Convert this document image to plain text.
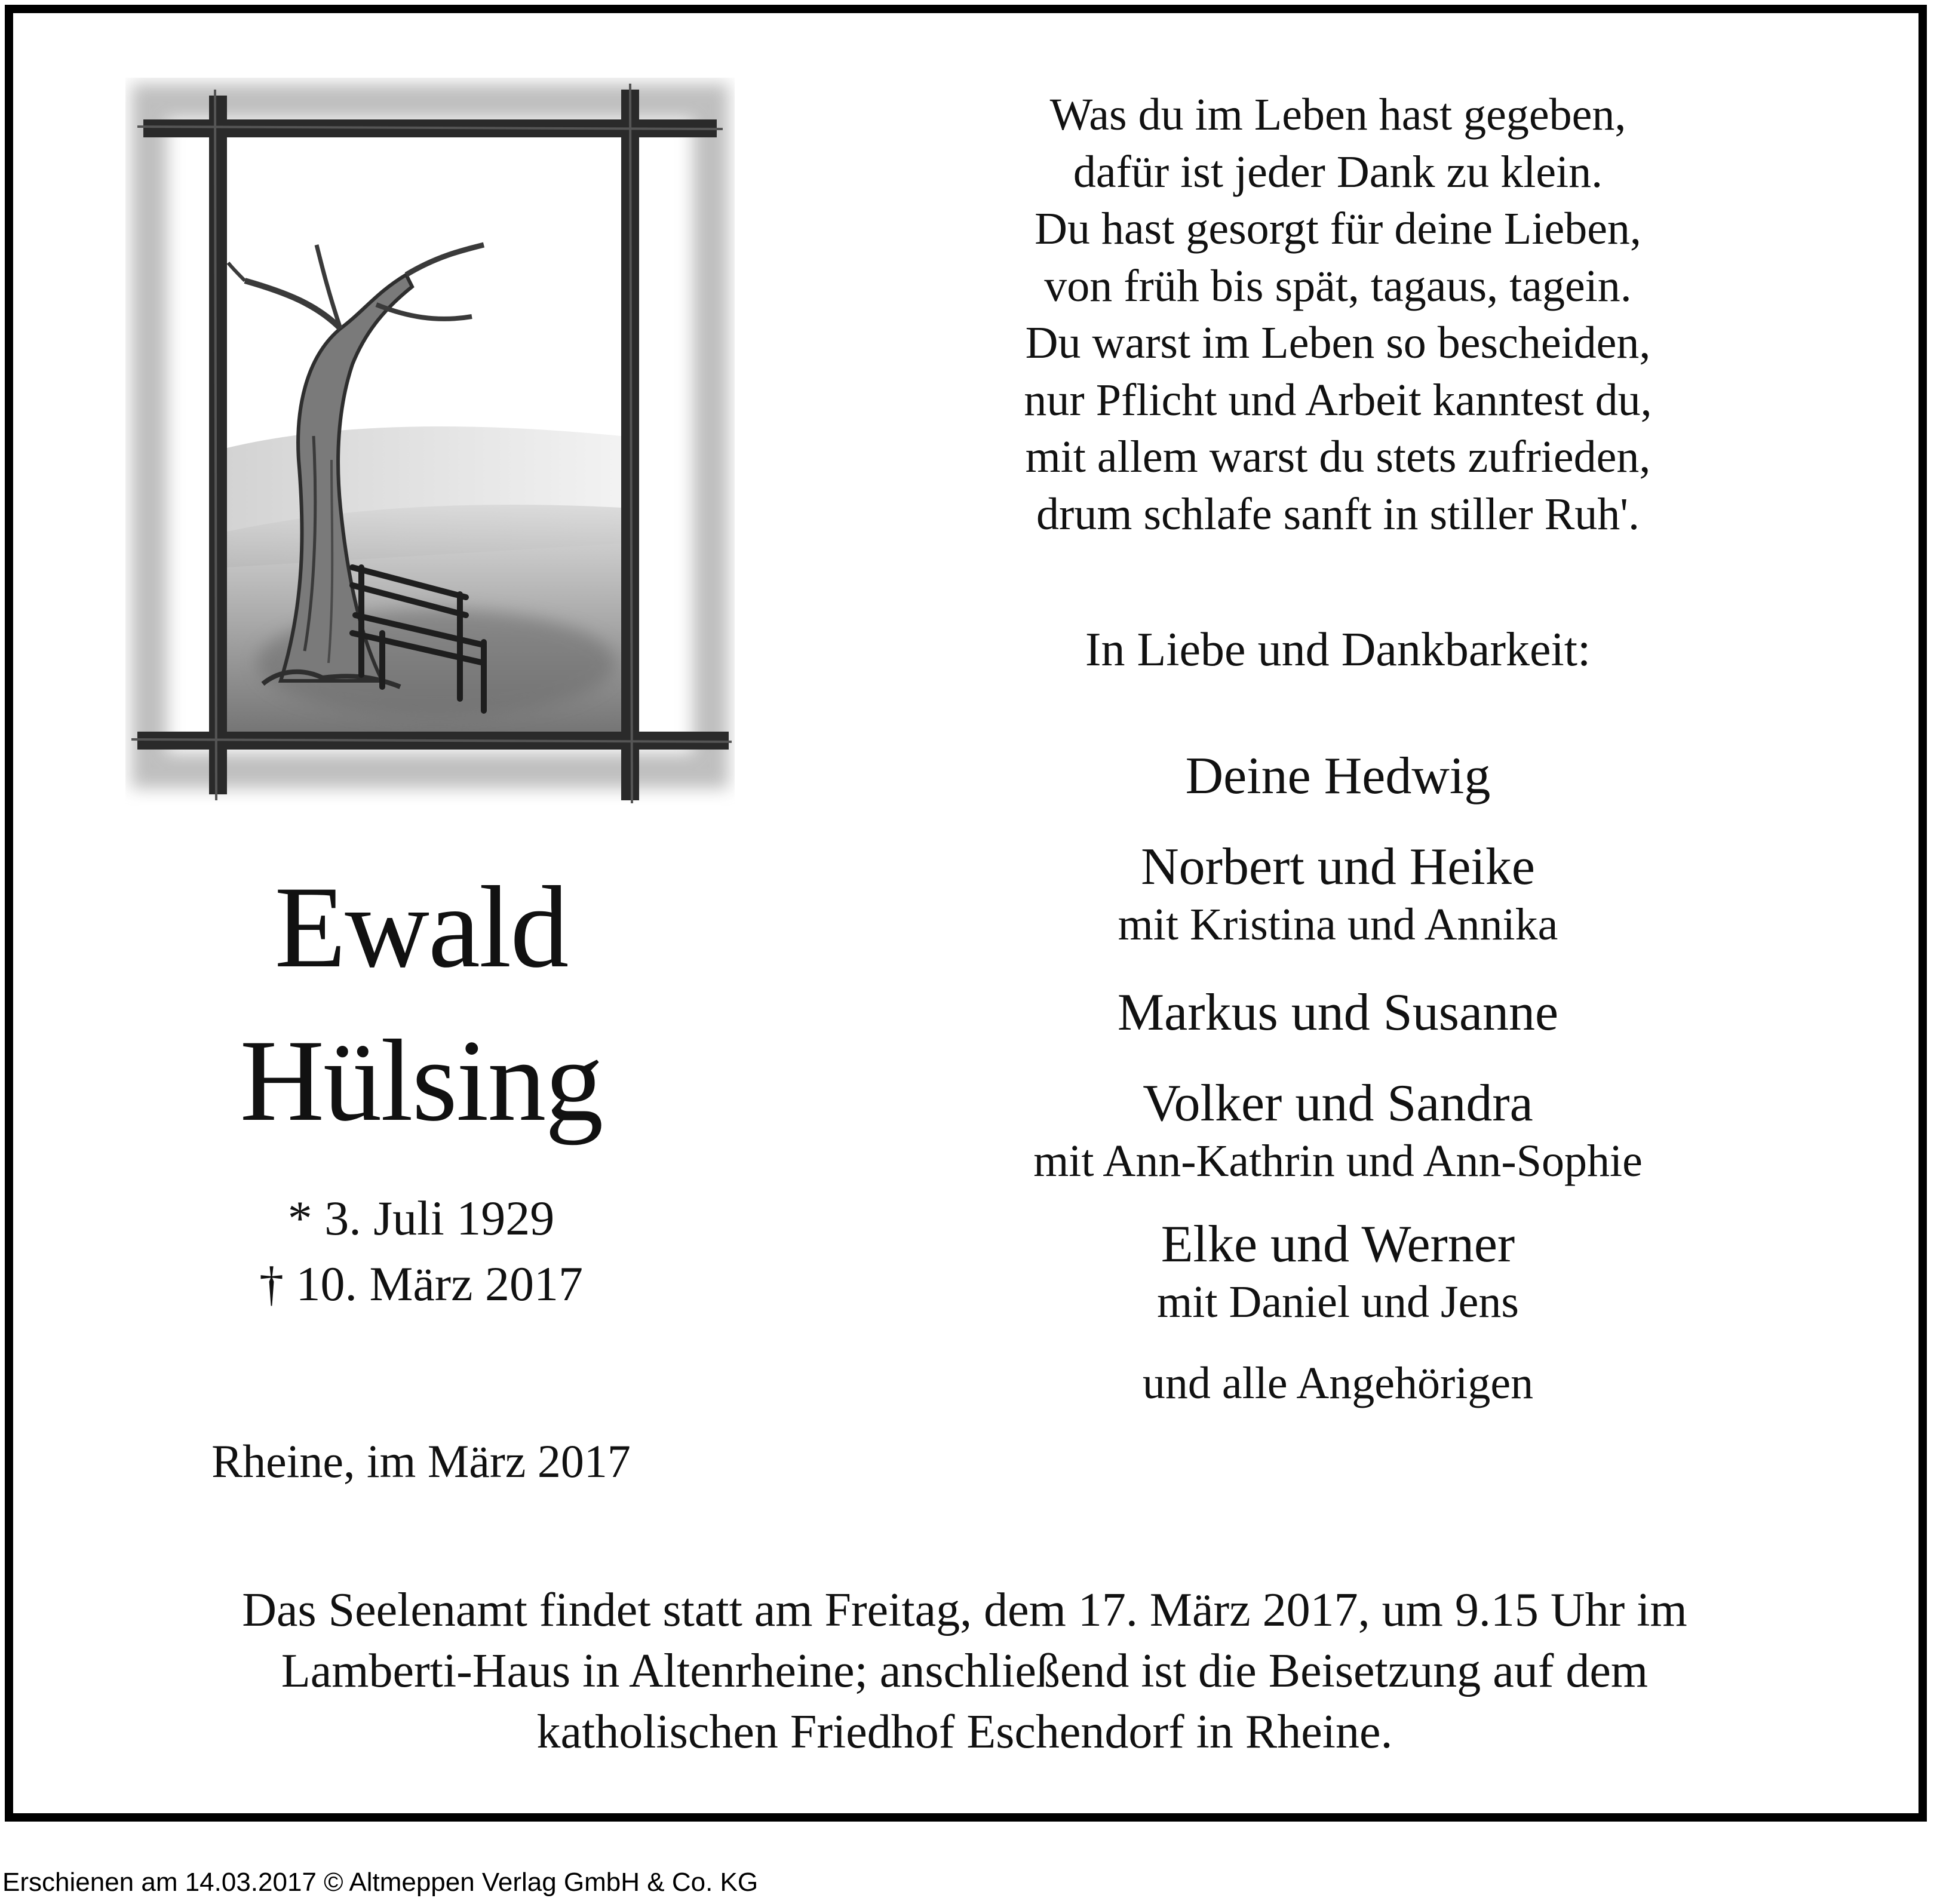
Ewald
Hülsing
* 3. Juli 1929
† 10. März 2017
Rheine, im März 2017
Was du im Leben hast gegeben,
dafür ist jeder Dank zu klein.
Du hast gesorgt für deine Lieben,
von früh bis spät, tagaus, tagein.
Du warst im Leben so bescheiden,
nur Pflicht und Arbeit kanntest du,
mit allem warst du stets zufrieden,
drum schlafe sanft in stiller Ruh'.
In Liebe und Dankbarkeit:
Deine Hedwig
Norbert und Heike
mit Kristina und Annika
Markus und Susanne
Volker und Sandra
mit Ann-Kathrin und Ann-Sophie
Elke und Werner
mit Daniel und Jens
und alle Angehörigen
Das Seelenamt findet statt am Freitag, dem 17. März 2017, um 9.15 Uhr im
Lamberti-Haus in Altenrheine; anschließend ist die Beisetzung auf dem
katholischen Friedhof Eschendorf in Rheine.
Erschienen am 14.03.2017 © Altmeppen Verlag GmbH & Co. KG
